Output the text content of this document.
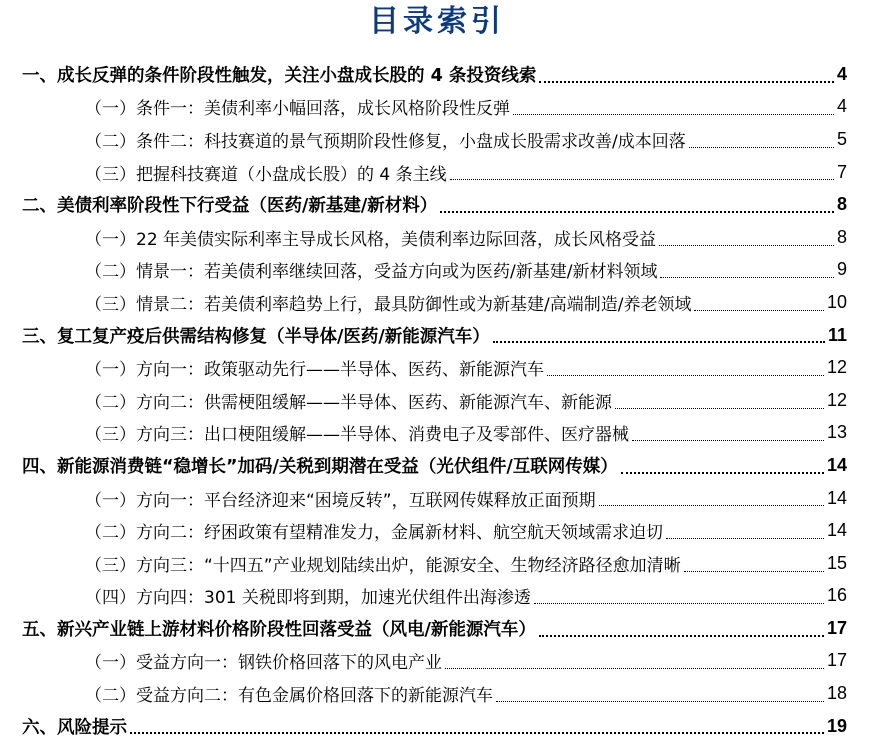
目录索引
一、成长反弹的条件阶段性触发，关注小盘成长股的 4 条投资线索	4
（一）条件一：美债利率小幅回落，成长风格阶段性反弹	4
（二）条件二：科技赛道的景气预期阶段性修复，小盘成长股需求改善/成本回落	5
（三）把握科技赛道（小盘成长股）的 4 条主线	7
二、美债利率阶段性下行受益（医药/新基建/新材料）	8
（一）22 年美债实际利率主导成长风格，美债利率边际回落，成长风格受益	8
（二）情景一：若美债利率继续回落，受益方向或为医药/新基建/新材料领域	9
（三）情景二：若美债利率趋势上行，最具防御性或为新基建/高端制造/养老领域	10
三、复工复产疫后供需结构修复（半导体/医药/新能源汽车）	11
（一）方向一：政策驱动先行——半导体、医药、新能源汽车	12
（二）方向二：供需梗阻缓解——半导体、医药、新能源汽车、新能源	12
（三）方向三：出口梗阻缓解——半导体、消费电子及零部件、医疗器械	13
四、新能源消费链“稳增长”加码/关税到期潜在受益（光伏组件/互联网传媒）	14
（一）方向一：平台经济迎来“困境反转”，互联网传媒释放正面预期	14
（二）方向二：纾困政策有望精准发力，金属新材料、航空航天领域需求迫切	14
（三）方向三：“十四五”产业规划陆续出炉，能源安全、生物经济路径愈加清晰	15
（四）方向四：301 关税即将到期，加速光伏组件出海渗透	16
五、新兴产业链上游材料价格阶段性回落受益（风电/新能源汽车）	17
（一）受益方向一：钢铁价格回落下的风电产业	17
（二）受益方向二：有色金属价格回落下的新能源汽车	18
六、风险提示	19
